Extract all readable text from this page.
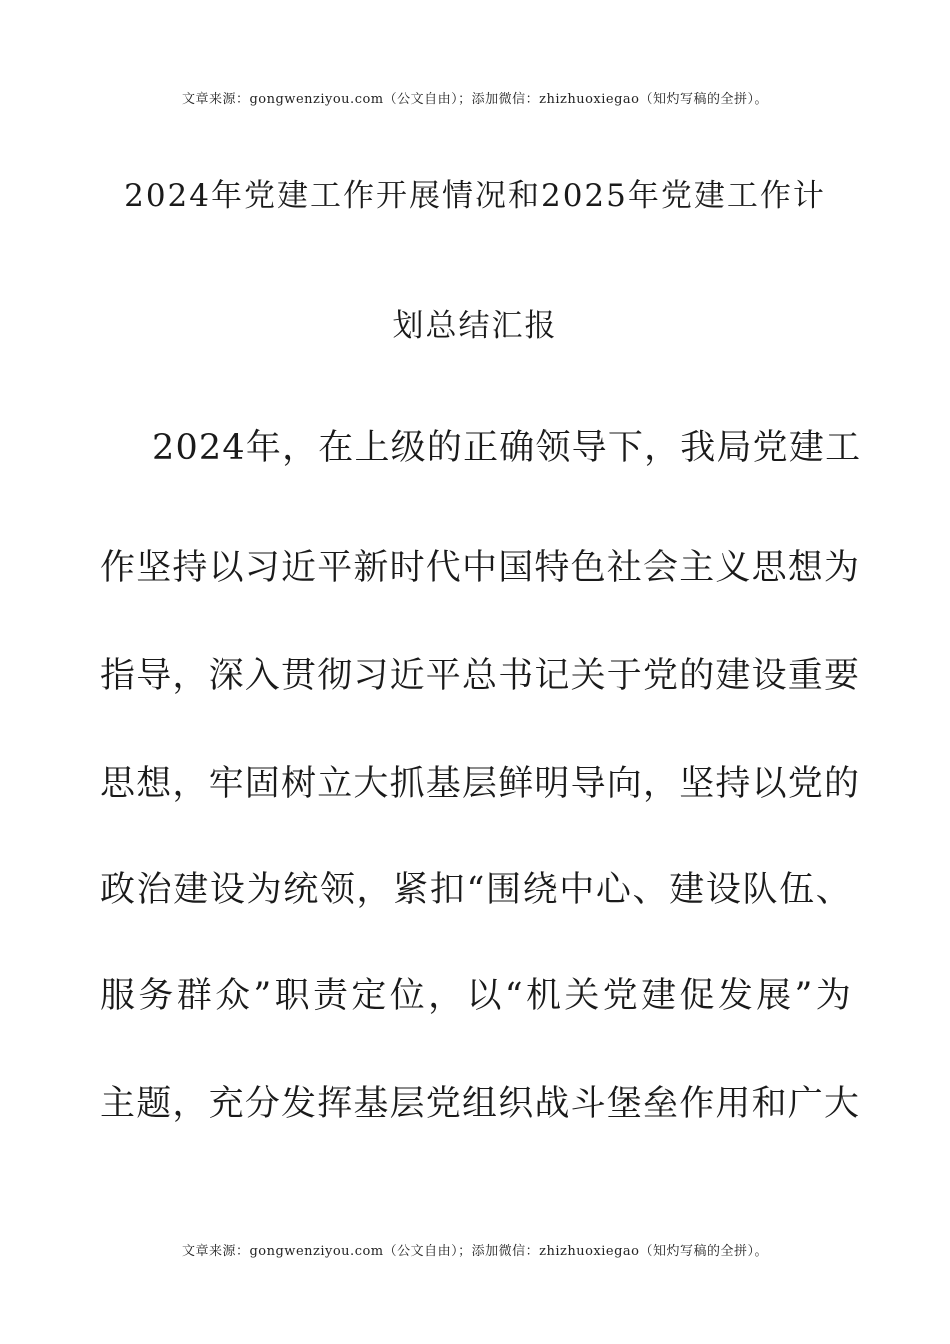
文章来源：gongwenziyou.com（公文自由）；添加微信：zhizhuoxiegao（知灼写稿的全拼）。
2024年党建工作开展情况和2025年党建工作计
划总结汇报
2024年，在上级的正确领导下，我局党建工
作坚持以习近平新时代中国特色社会主义思想为
指导，深入贯彻习近平总书记关于党的建设重要
思想，牢固树立大抓基层鲜明导向，坚持以党的
政治建设为统领，紧扣“围绕中心、建设队伍、
服务群众”职责定位，以“机关党建促发展”为
主题，充分发挥基层党组织战斗堡垒作用和广大
文章来源：gongwenziyou.com（公文自由）；添加微信：zhizhuoxiegao（知灼写稿的全拼）。
